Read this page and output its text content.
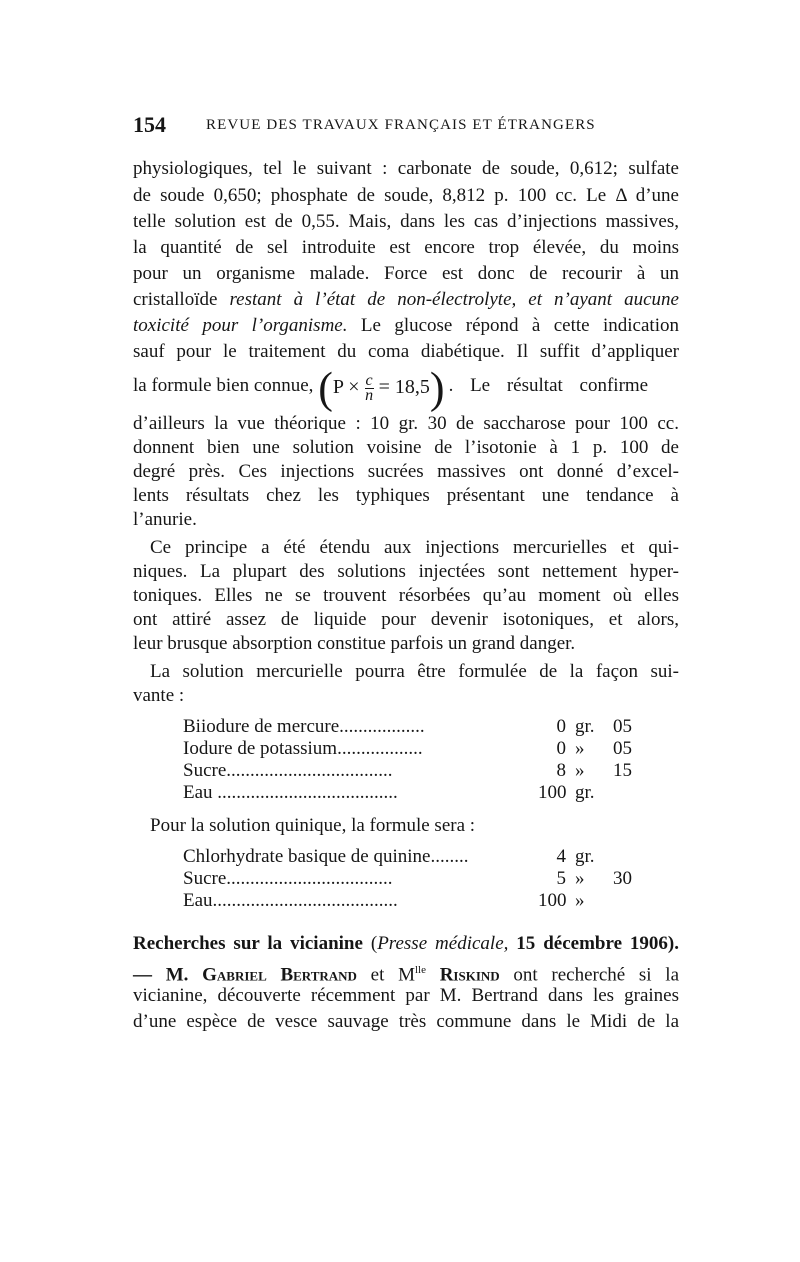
154	REVUE DES TRAVAUX FRANÇAIS ET ÉTRANGERS
physiologiques, tel le suivant : carbonate de soude, 0,612; sulfate
de soude 0,650; phosphate de soude, 8,812 p. 100 cc. Le Δ d’une
telle solution est de 0,55. Mais, dans les cas d’injections massives,
la quantité de sel introduite est encore trop élevée, du moins
pour un organisme malade. Force est donc de recourir à un
cristalloïde restant à l’état de non-électrolyte, et n’ayant aucune
toxicité pour l’organisme. Le glucose répond à cette indication
sauf pour le traitement du coma diabétique. Il suffit d’appliquer
la formule bien connue, $(P \times \frac{c}{n} = 18,5)$ . Le résultat confirme
d’ailleurs la vue théorique : 10 gr. 30 de saccharose pour 100 cc.
donnent bien une solution voisine de l’isotonie à 1 p. 100 de
degré près. Ces injections sucrées massives ont donné d’excel-
lents résultats chez les typhiques présentant une tendance à
l’anurie.
Ce principe a été étendu aux injections mercurielles et qui-
niques. La plupart des solutions injectées sont nettement hyper-
toniques. Elles ne se trouvent résorbées qu’au moment où elles
ont attiré assez de liquide pour devenir isotoniques, et alors,
leur brusque absorption constitue parfois un grand danger.
La solution mercurielle pourra être formulée de la façon sui-
vante :
Biiodure de mercure..................	0 gr. 05
Iodure de potassium..................	0 » 05
Sucre...................................	8 » 15
Eau ......................................	100 gr.
Pour la solution quinique, la formule sera :
Chlorhydrate basique de quinine........	4 gr.
Sucre...................................	5 » 30
Eau.......................................	100 »
Recherches sur la vicianine (Presse médicale, 15 décembre 1906).
— M. Gabriel Bertrand et $M^{lle}$ Riskind ont recherché si la
vicianine, découverte récemment par M. Bertrand dans les graines
d’une espèce de vesce sauvage très commune dans le Midi de la
